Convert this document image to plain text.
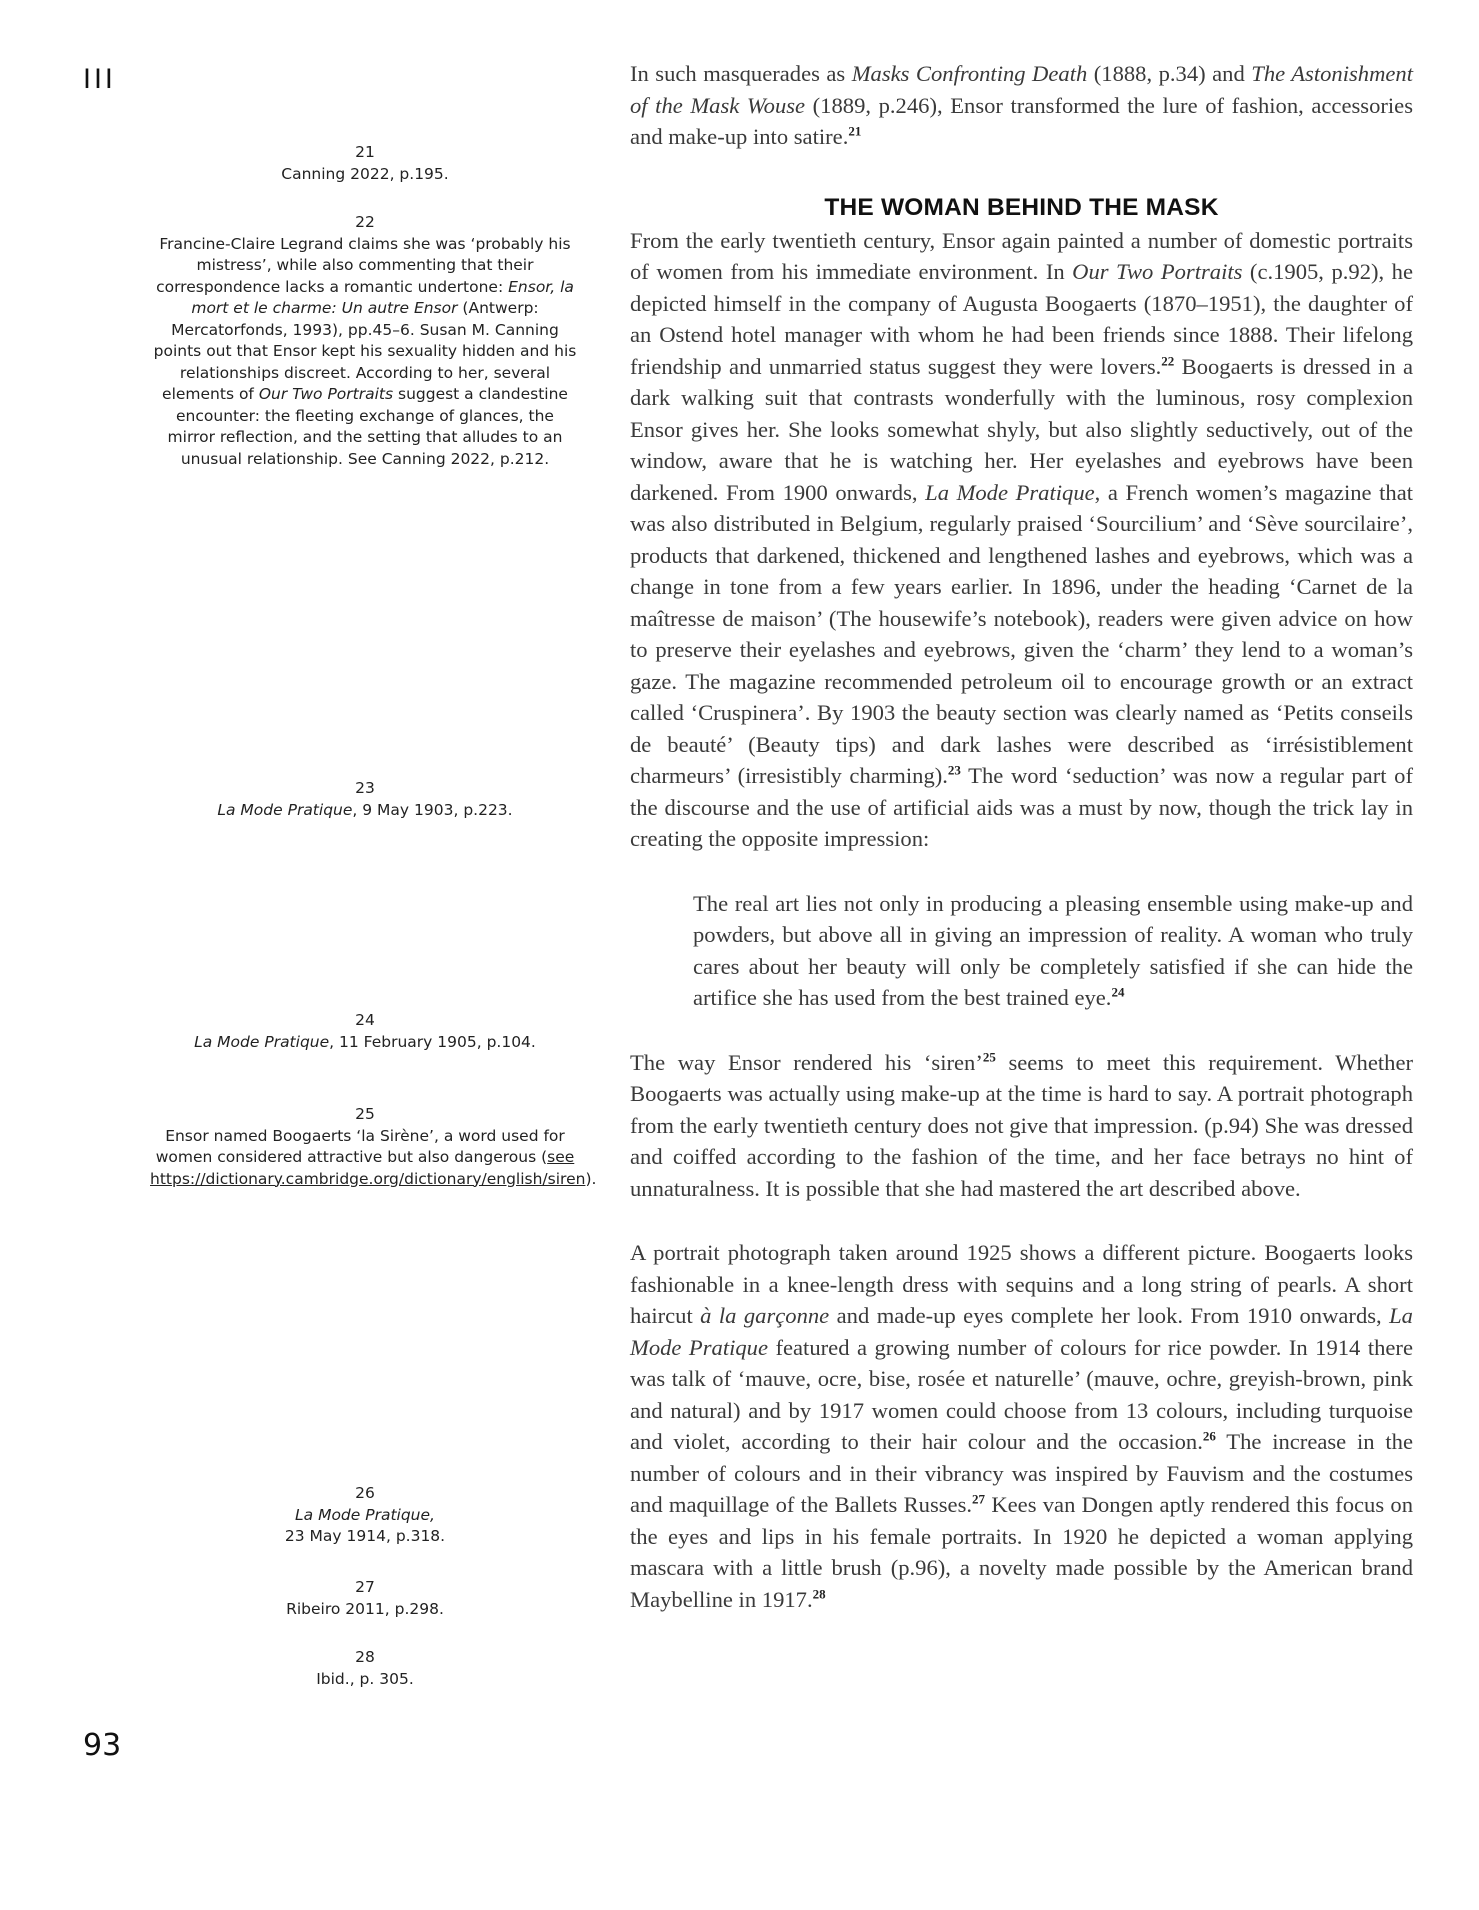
III
21
Canning 2022, p.195.
22
Francine-Claire Legrand claims she was ‘probably his mistress’, while also commenting that their correspondence lacks a romantic undertone: Ensor, la mort et le charme: Un autre Ensor (Antwerp: Mercatorfonds, 1993), pp.45–6. Susan M. Canning points out that Ensor kept his sexuality hidden and his relationships discreet. According to her, several elements of Our Two Portraits suggest a clandestine encounter: the fleeting exchange of glances, the mirror reflection, and the setting that alludes to an unusual relationship. See Canning 2022, p.212.
23
La Mode Pratique, 9 May 1903, p.223.
24
La Mode Pratique, 11 February 1905, p.104.
25
Ensor named Boogaerts ‘la Sirène’, a word used for women considered attractive but also dangerous (see https://dictionary.cambridge.org/dictionary/english/siren).
26
La Mode Pratique,
23 May 1914, p.318.
27
Ribeiro 2011, p.298.
28
Ibid., p. 305.

In such masquerades as Masks Confronting Death (1888, p.34) and The Astonishment of the Mask Wouse (1889, p.246), Ensor transformed the lure of fashion, accessories and make-up into satire.$^{21}$

THE WOMAN BEHIND THE MASK

From the early twentieth century, Ensor again painted a number of domestic portraits of women from his immediate environment. In Our Two Portraits (c.1905, p.92), he depicted himself in the company of Augusta Boogaerts (1870–1951), the daughter of an Ostend hotel manager with whom he had been friends since 1888. Their lifelong friendship and unmarried status suggest they were lovers.$^{22}$ Boogaerts is dressed in a dark walking suit that contrasts wonderfully with the luminous, rosy complexion Ensor gives her. She looks somewhat shyly, but also slightly seductively, out of the window, aware that he is watching her. Her eyelashes and eyebrows have been darkened. From 1900 onwards, La Mode Pratique, a French women’s magazine that was also distributed in Belgium, regularly praised ‘Sourcilium’ and ‘Sève sourcilaire’, products that darkened, thickened and lengthened lashes and eyebrows, which was a change in tone from a few years earlier. In 1896, under the heading ‘Carnet de la maîtresse de maison’ (The housewife’s notebook), readers were given advice on how to preserve their eyelashes and eyebrows, given the ‘charm’ they lend to a woman’s gaze. The magazine recommended petroleum oil to encourage growth or an extract called ‘Cruspinera’. By 1903 the beauty section was clearly named as ‘Petits conseils de beauté’ (Beauty tips) and dark lashes were described as ‘irrésistiblement charmeurs’ (irresistibly charming).$^{23}$ The word ‘seduction’ was now a regular part of the discourse and the use of artificial aids was a must by now, though the trick lay in creating the opposite impression:

The real art lies not only in producing a pleasing ensemble using make-up and powders, but above all in giving an impression of reality. A woman who truly cares about her beauty will only be completely satisfied if she can hide the artifice she has used from the best trained eye.$^{24}$

The way Ensor rendered his ‘siren’$^{25}$ seems to meet this requirement. Whether Boogaerts was actually using make-up at the time is hard to say. A portrait photograph from the early twentieth century does not give that impression. (p.94) She was dressed and coiffed according to the fashion of the time, and her face betrays no hint of unnaturalness. It is possible that she had mastered the art described above.

A portrait photograph taken around 1925 shows a different picture. Boogaerts looks fashionable in a knee-length dress with sequins and a long string of pearls. A short haircut à la garçonne and made-up eyes complete her look. From 1910 onwards, La Mode Pratique featured a growing number of colours for rice powder. In 1914 there was talk of ‘mauve, ocre, bise, rosée et naturelle’ (mauve, ochre, greyish-brown, pink and natural) and by 1917 women could choose from 13 colours, including turquoise and violet, according to their hair colour and the occasion.$^{26}$ The increase in the number of colours and in their vibrancy was inspired by Fauvism and the costumes and maquillage of the Ballets Russes.$^{27}$ Kees van Dongen aptly rendered this focus on the eyes and lips in his female portraits. In 1920 he depicted a woman applying mascara with a little brush (p.96), a novelty made possible by the American brand Maybelline in 1917.28

93
